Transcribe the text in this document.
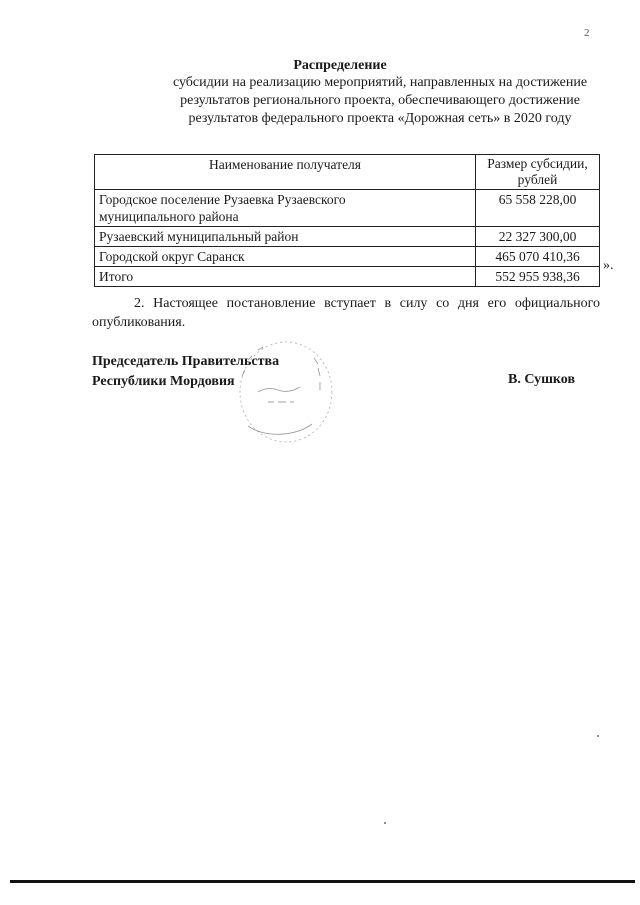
2
Распределение
субсидии на реализацию мероприятий, направленных на достижение
результатов регионального проекта, обеспечивающего достижение
результатов федерального проекта «Дорожная сеть» в 2020 году
Наименование получателя	Размер субсидии,
рублей
Городское поселение Рузаевка Рузаевского
муниципального района	65 558 228,00
Рузаевский муниципальный район	22 327 300,00
Городской округ Саранск	465 070 410,36
Итого	552 955 938,36
».
2. Настоящее постановление вступает в силу со дня его официального опубликования.
Председатель Правительства
Республики Мордовия	В. Сушков
